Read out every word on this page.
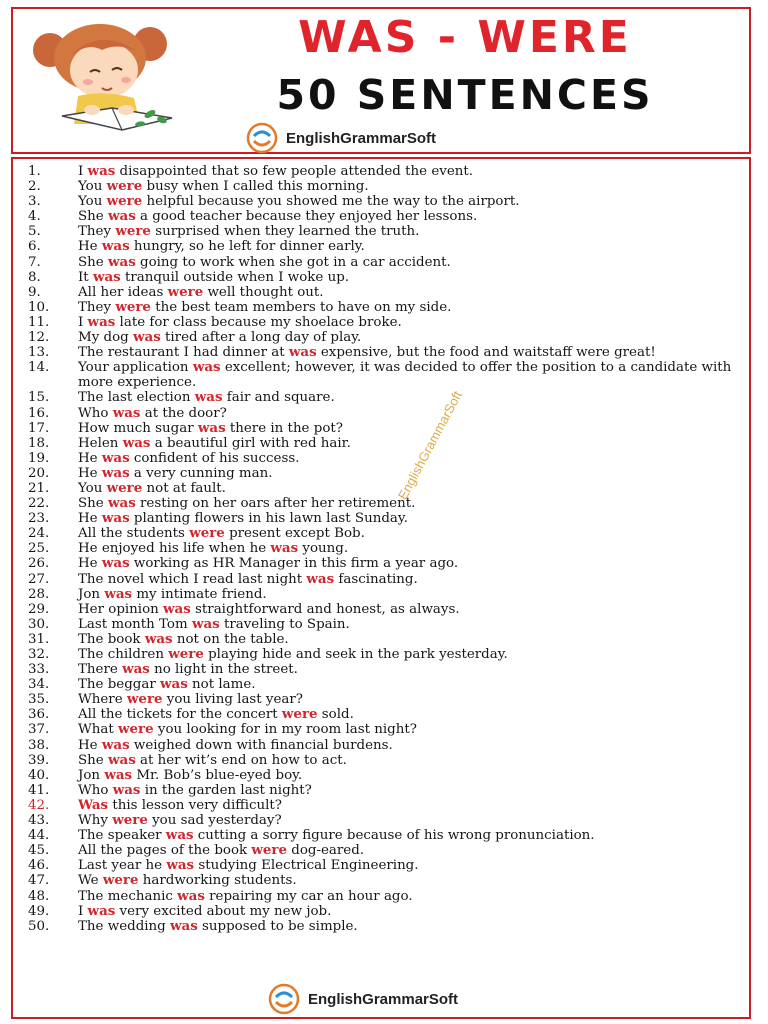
WAS - WERE
50 SENTENCES
EnglishGrammarSoft
1.	I was disappointed that so few people attended the event.
2.	You were busy when I called this morning.
3.	You were helpful because you showed me the way to the airport.
4.	She was a good teacher because they enjoyed her lessons.
5.	They were surprised when they learned the truth.
6.	He was hungry, so he left for dinner early.
7.	She was going to work when she got in a car accident.
8.	It was tranquil outside when I woke up.
9.	All her ideas were well thought out.
10.	They were the best team members to have on my side.
11.	I was late for class because my shoelace broke.
12.	My dog was tired after a long day of play.
13.	The restaurant I had dinner at was expensive, but the food and waitstaff were great!
14.	Your application was excellent; however, it was decided to offer the position to a candidate with more experience.
15.	The last election was fair and square.
16.	Who was at the door?
17.	How much sugar was there in the pot?
18.	Helen was a beautiful girl with red hair.
19.	He was confident of his success.
20.	He was a very cunning man.
21.	You were not at fault.
22.	She was resting on her oars after her retirement.
23.	He was planting flowers in his lawn last Sunday.
24.	All the students were present except Bob.
25.	He enjoyed his life when he was young.
26.	He was working as HR Manager in this firm a year ago.
27.	The novel which I read last night was fascinating.
28.	Jon was my intimate friend.
29.	Her opinion was straightforward and honest, as always.
30.	Last month Tom was traveling to Spain.
31.	The book was not on the table.
32.	The children were playing hide and seek in the park yesterday.
33.	There was no light in the street.
34.	The beggar was not lame.
35.	Where were you living last year?
36.	All the tickets for the concert were sold.
37.	What were you looking for in my room last night?
38.	He was weighed down with financial burdens.
39.	She was at her wit’s end on how to act.
40.	Jon was Mr. Bob’s blue-eyed boy.
41.	Who was in the garden last night?
42.	Was this lesson very difficult?
43.	Why were you sad yesterday?
44.	The speaker was cutting a sorry figure because of his wrong pronunciation.
45.	All the pages of the book were dog-eared.
46.	Last year he was studying Electrical Engineering.
47.	We were hardworking students.
48.	The mechanic was repairing my car an hour ago.
49.	I was very excited about my new job.
50.	The wedding was supposed to be simple.
EnglishGrammarSoft
EnglishGrammarSoft
